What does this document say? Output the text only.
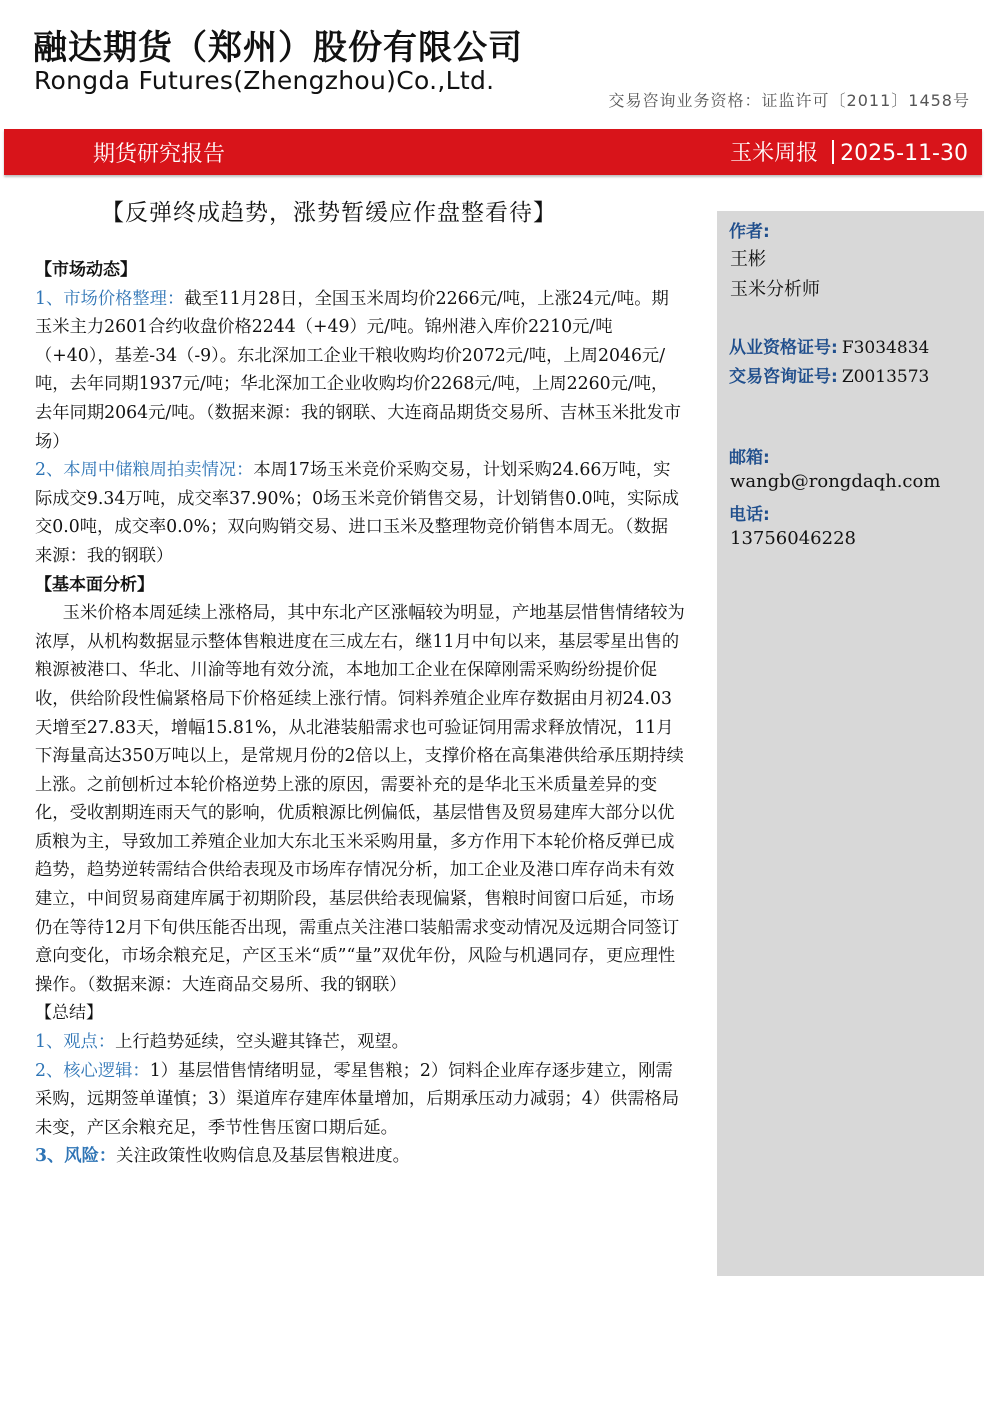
融达期货（郑州）股份有限公司
Rongda Futures(Zhengzhou)Co.,Ltd.
交易咨询业务资格：证监许可〔2011〕1458号
期货研究报告	玉米周报 2025-11-30
【反弹终成趋势，涨势暂缓应作盘整看待】
作者:
王彬
玉米分析师
从业资格证号: F3034834
交易咨询证号: Z0013573
邮箱:
wangb@rongdaqh.com
电话:
13756046228

【市场动态】

1、市场价格整理：截至11月28日，全国玉米周均价2266元/吨，上涨24元/吨。期玉米主力2601合约收盘价格2244（+49）元/吨。锦州港入库价2210元/吨（+40），基差-34（-9）。东北深加工企业干粮收购均价2072元/吨，上周2046元/吨，去年同期1937元/吨；华北深加工企业收购均价2268元/吨，上周2260元/吨，去年同期2064元/吨。（数据来源：我的钢联、大连商品期货交易所、吉林玉米批发市场）

2、本周中储粮周拍卖情况：本周17场玉米竞价采购交易，计划采购24.66万吨，实际成交9.34万吨，成交率37.90%；0场玉米竞价销售交易，计划销售0.0吨，实际成交0.0吨，成交率0.0%；双向购销交易、进口玉米及整理物竞价销售本周无。（数据来源：我的钢联）

【基本面分析】

玉米价格本周延续上涨格局，其中东北产区涨幅较为明显，产地基层惜售情绪较为浓厚，从机构数据显示整体售粮进度在三成左右，继11月中旬以来，基层零星出售的粮源被港口、华北、川渝等地有效分流，本地加工企业在保障刚需采购纷纷提价促收，供给阶段性偏紧格局下价格延续上涨行情。饲料养殖企业库存数据由月初24.03天增至27.83天，增幅15.81%，从北港装船需求也可验证饲用需求释放情况，11月下海量高达350万吨以上，是常规月份的2倍以上，支撑价格在高集港供给承压期持续上涨。之前刨析过本轮价格逆势上涨的原因，需要补充的是华北玉米质量差异的变化，受收割期连雨天气的影响，优质粮源比例偏低，基层惜售及贸易建库大部分以优质粮为主，导致加工养殖企业加大东北玉米采购用量，多方作用下本轮价格反弹已成趋势，趋势逆转需结合供给表现及市场库存情况分析，加工企业及港口库存尚未有效建立，中间贸易商建库属于初期阶段，基层供给表现偏紧，售粮时间窗口后延，市场仍在等待12月下旬供压能否出现，需重点关注港口装船需求变动情况及远期合同签订意向变化，市场余粮充足，产区玉米“质”“量”双优年份，风险与机遇同存，更应理性操作。（数据来源：大连商品交易所、我的钢联）

【总结】

1、观点：上行趋势延续，空头避其锋芒，观望。

2、核心逻辑：1）基层惜售情绪明显，零星售粮；2）饲料企业库存逐步建立，刚需采购，远期签单谨慎；3）渠道库存建库体量增加，后期承压动力减弱；4）供需格局未变，产区余粮充足，季节性售压窗口期后延。

3、风险：关注政策性收购信息及基层售粮进度。
